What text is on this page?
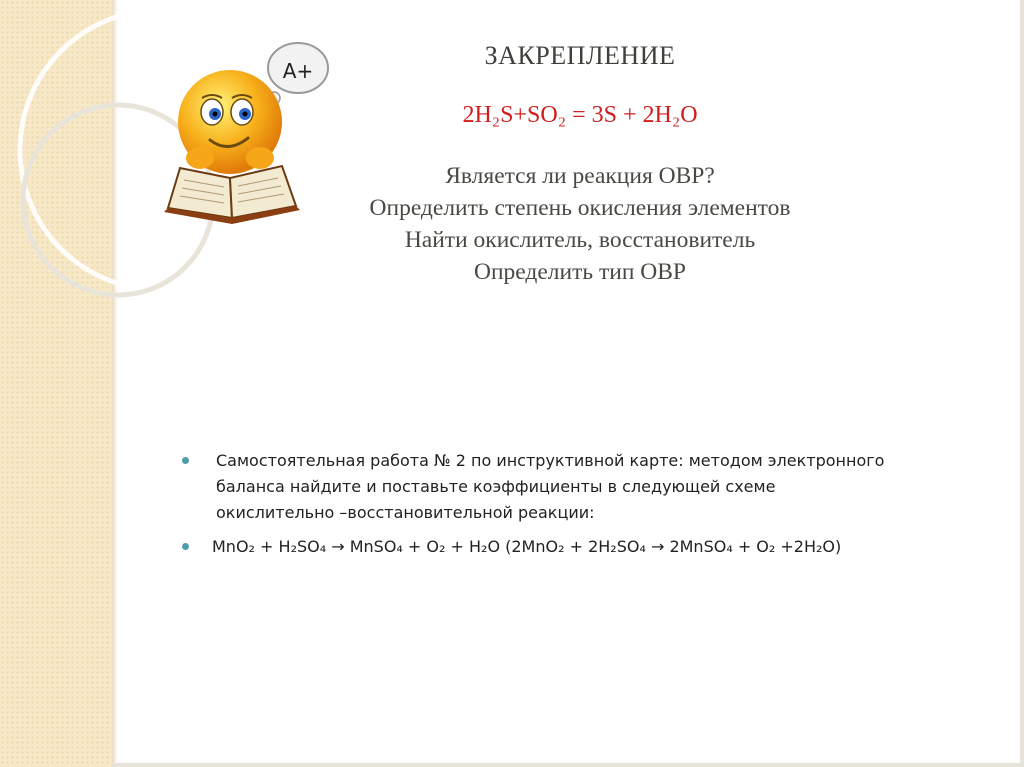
A+
ЗАКРЕПЛЕНИЕ
2H₂S+SO₂ = 3S + 2H₂O
Является ли реакция ОВР?
Определить степень окисления элементов
Найти окислитель, восстановитель
Определить тип ОВР
Самостоятельная работа № 2 по инструктивной карте: методом электронного
баланса найдите и поставьте коэффициенты в следующей схеме
окислительно –восстановительной реакции:
MnO₂ + H₂SO₄ → MnSO₄ + O₂ + H₂O (2MnO₂ + 2H₂SO₄ → 2MnSO₄ + O₂ +2H₂O)
